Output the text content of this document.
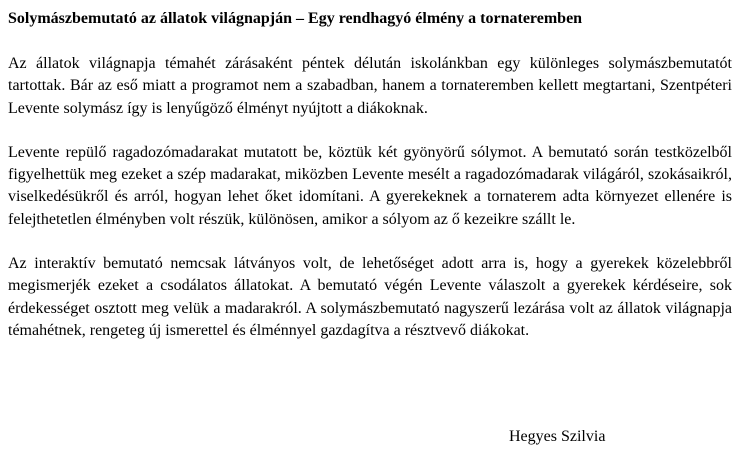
Solymászbemutató az állatok világnapján – Egy rendhagyó élmény a tornateremben

Az állatok világnapja témahét zárásaként péntek délután iskolánkban egy különleges solymászbemutatót tartottak. Bár az eső miatt a programot nem a szabadban, hanem a tornateremben kellett megtartani, Szentpéteri Levente solymász így is lenyűgöző élményt nyújtott a diákoknak.

Levente repülő ragadozómadarakat mutatott be, köztük két gyönyörű sólymot. A bemutató során testközelből figyelhettük meg ezeket a szép madarakat, miközben Levente mesélt a ragadozómadarak világáról, szokásaikról, viselkedésükről és arról, hogyan lehet őket idomítani. A gyerekeknek a tornaterem adta környezet ellenére is felejthetetlen élményben volt részük, különösen, amikor a sólyom az ő kezeikre szállt le.

Az interaktív bemutató nemcsak látványos volt, de lehetőséget adott arra is, hogy a gyerekek közelebbről megismerjék ezeket a csodálatos állatokat. A bemutató végén Levente válaszolt a gyerekek kérdéseire, sok érdekességet osztott meg velük a madarakról. A solymászbemutató nagyszerű lezárása volt az állatok világnapja témahétnek, rengeteg új ismerettel és élménnyel gazdagítva a résztvevő diákokat.

Hegyes Szilvia
